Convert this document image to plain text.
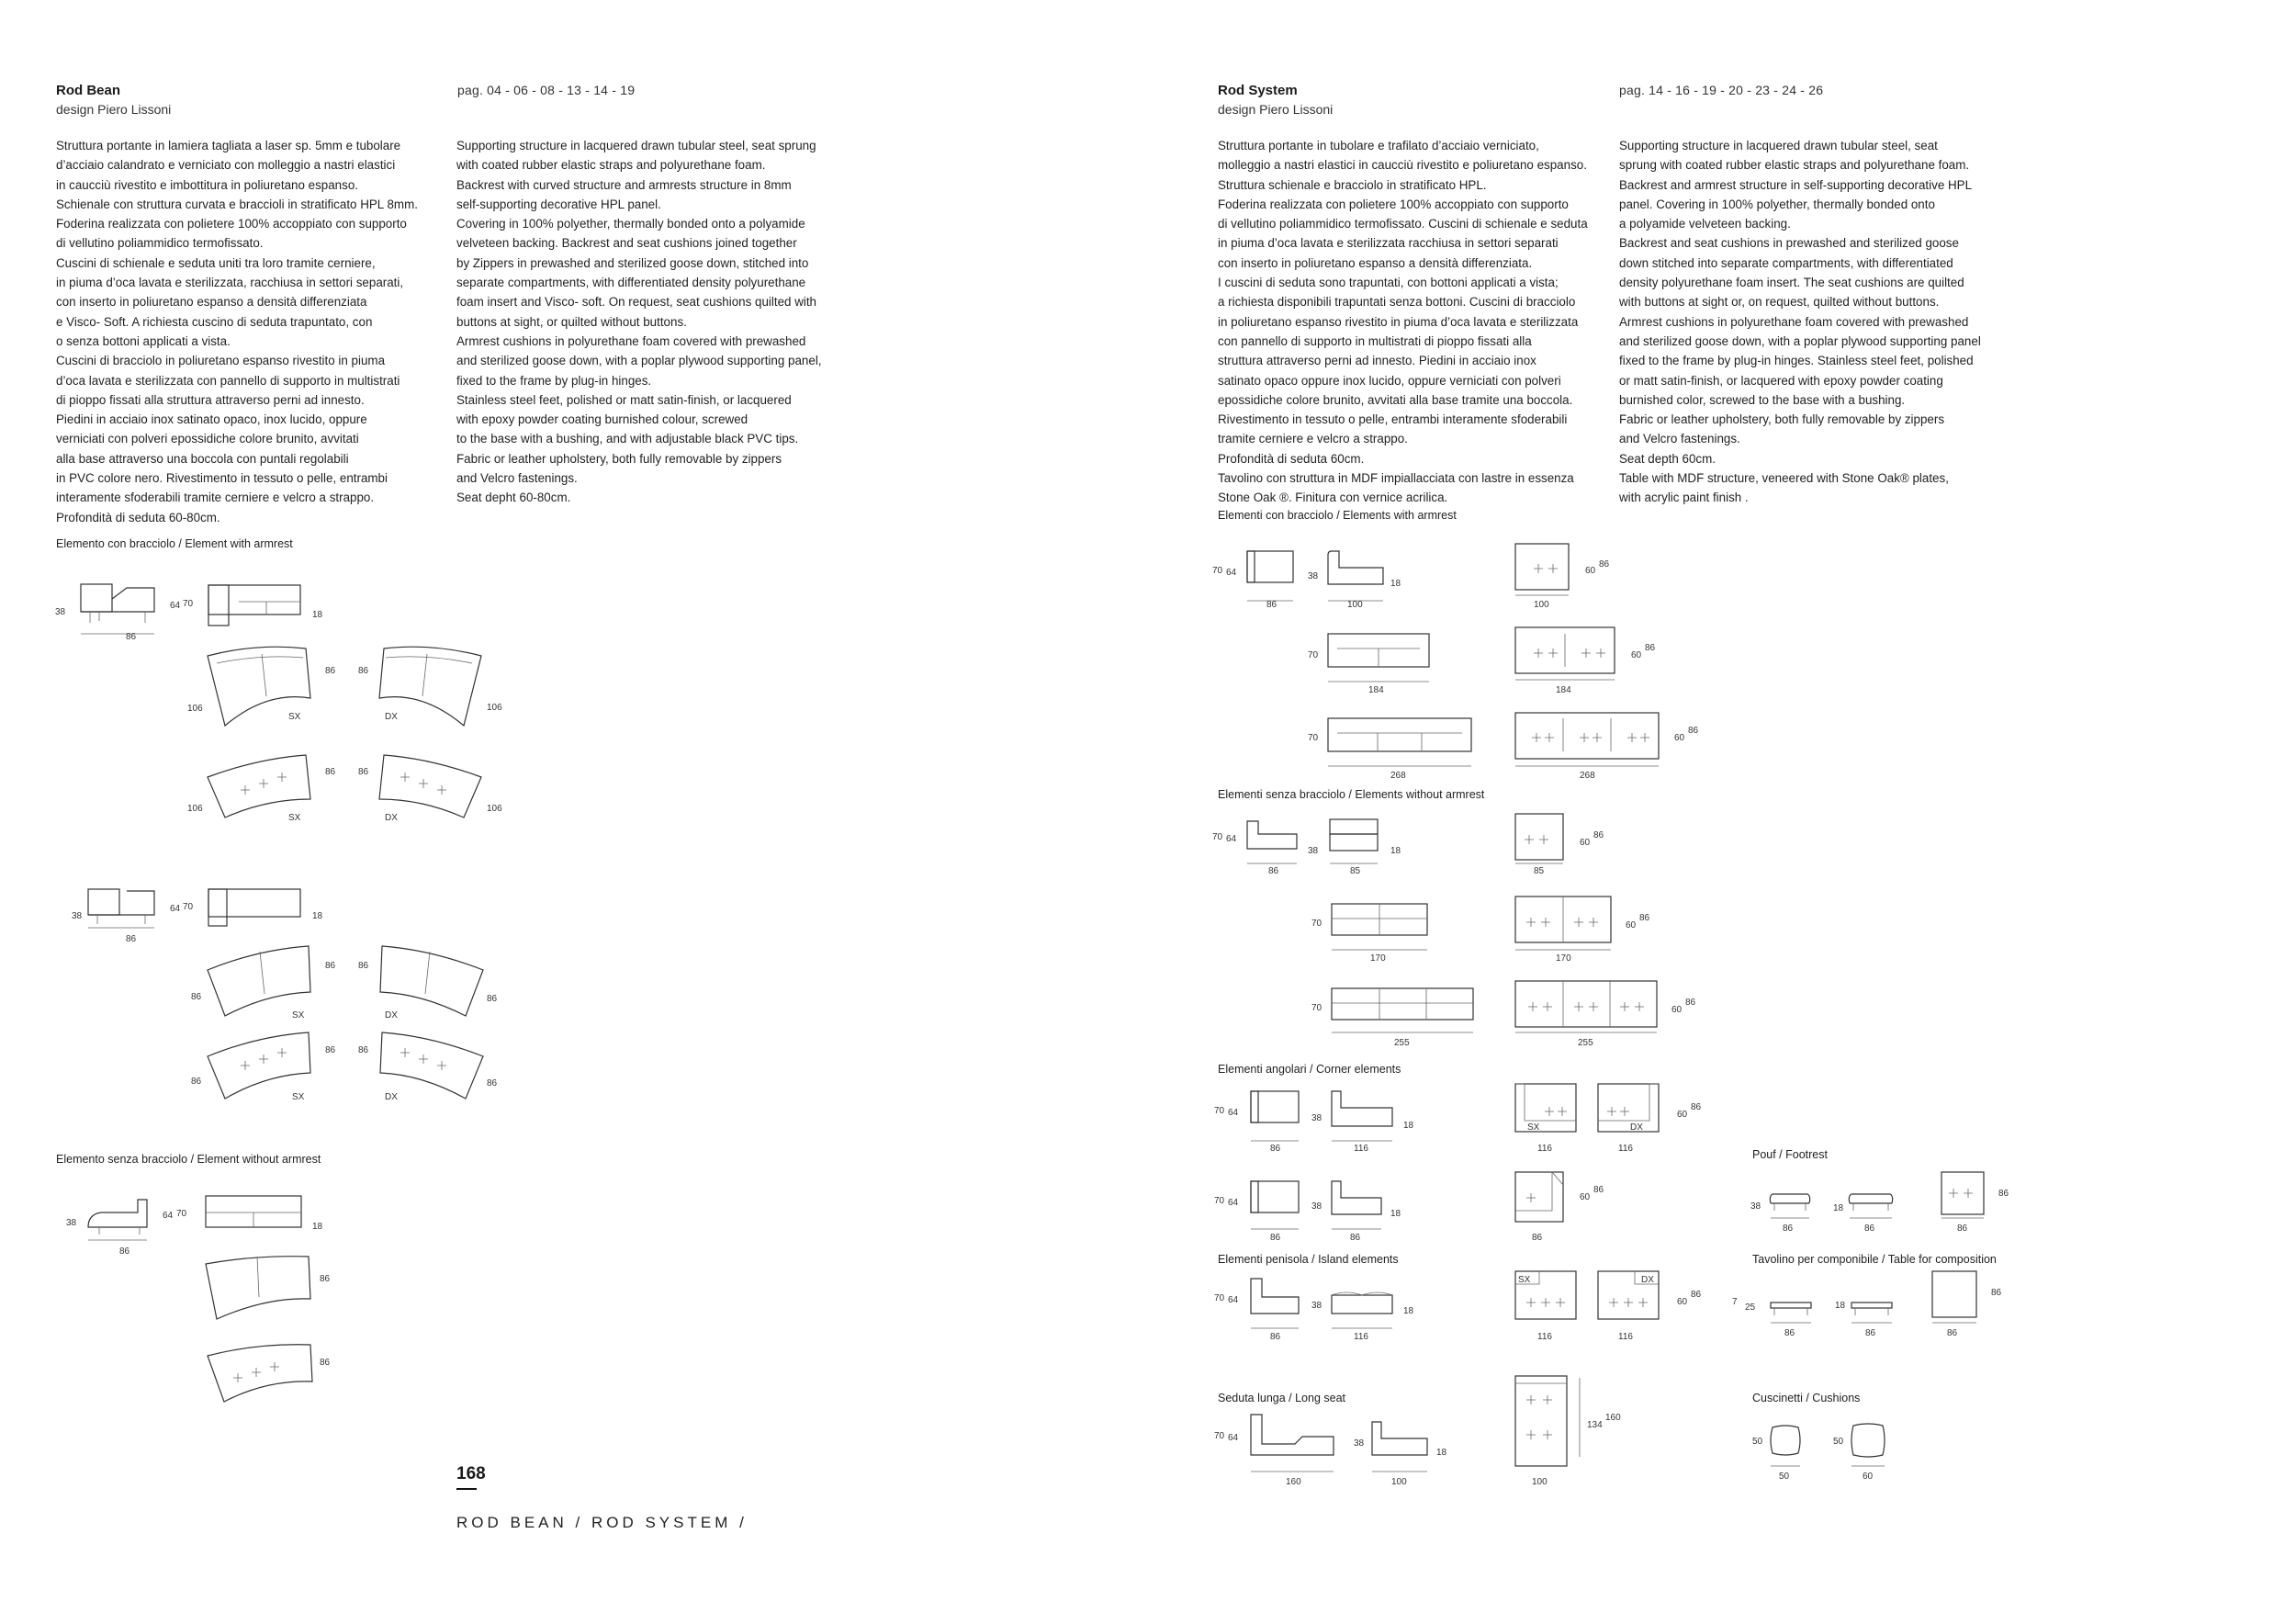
Rod Bean
design Piero Lissoni
pag. 04 - 06 - 08 - 13 - 14 - 19
Struttura portante in lamiera tagliata a laser sp. 5mm e tubolare
d’acciaio calandrato e verniciato con molleggio a nastri elastici
in caucciù rivestito e imbottitura in poliuretano espanso.
Schienale con struttura curvata e braccioli in stratificato HPL 8mm.
Foderina realizzata con polietere 100% accoppiato con supporto
di vellutino poliammidico termofissato.
Cuscini di schienale e seduta uniti tra loro tramite cerniere,
in piuma d’oca lavata e sterilizzata, racchiusa in settori separati,
con inserto in poliuretano espanso a densità differenziata
e Visco- Soft. A richiesta cuscino di seduta trapuntato, con
o senza bottoni applicati a vista.
Cuscini di bracciolo in poliuretano espanso rivestito in piuma
d’oca lavata e sterilizzata con pannello di supporto in multistrati
di pioppo fissati alla struttura attraverso perni ad innesto.
Piedini in acciaio inox satinato opaco, inox lucido, oppure
verniciati con polveri epossidiche colore brunito, avvitati
alla base attraverso una boccola con puntali regolabili
in PVC colore nero. Rivestimento in tessuto o pelle, entrambi
interamente sfoderabili tramite cerniere e velcro a strappo.
Profondità di seduta 60-80cm.
Supporting structure in lacquered drawn tubular steel, seat sprung
with coated rubber elastic straps and polyurethane foam.
Backrest with curved structure and armrests structure in 8mm
self-supporting decorative HPL panel.
Covering in 100% polyether, thermally bonded onto a polyamide
velveteen backing. Backrest and seat cushions joined together
by Zippers in prewashed and sterilized goose down, stitched into
separate compartments, with differentiated density polyurethane
foam insert and Visco- soft. On request, seat cushions quilted with
buttons at sight, or quilted without buttons.
Armrest cushions in polyurethane foam covered with prewashed
and sterilized goose down, with a poplar plywood supporting panel,
fixed to the frame by plug-in hinges.
Stainless steel feet, polished or matt satin-finish, or lacquered
with epoxy powder coating burnished colour, screwed
to the base with a bushing, and with adjustable black PVC tips.
Fabric or leather upholstery, both fully removable by zippers
and Velcro fastenings.
Seat depht 60-80cm.
Elemento con bracciolo / Element with armrest
Elemento senza bracciolo / Element without armrest
168
ROD BEAN / ROD SYSTEM /
Rod System
design Piero Lissoni
pag. 14 - 16 - 19 - 20 - 23 - 24 - 26
Struttura portante in tubolare e trafilato d’acciaio verniciato,
molleggio a nastri elastici in caucciù rivestito e poliuretano espanso.
Struttura schienale e bracciolo in stratificato HPL.
Foderina realizzata con polietere 100% accoppiato con supporto
di vellutino poliammidico termofissato. Cuscini di schienale e seduta
in piuma d’oca lavata e sterilizzata racchiusa in settori separati
con inserto in poliuretano espanso a densità differenziata.
I cuscini di seduta sono trapuntati, con bottoni applicati a vista;
a richiesta disponibili trapuntati senza bottoni. Cuscini di bracciolo
in poliuretano espanso rivestito in piuma d’oca lavata e sterilizzata
con pannello di supporto in multistrati di pioppo fissati alla
struttura attraverso perni ad innesto. Piedini in acciaio inox
satinato opaco oppure inox lucido, oppure verniciati con polveri
epossidiche colore brunito, avvitati alla base tramite una boccola.
Rivestimento in tessuto o pelle, entrambi interamente sfoderabili
tramite cerniere e velcro a strappo.
Profondità di seduta 60cm.
Tavolino con struttura in MDF impiallacciata con lastre in essenza
Stone Oak ®. Finitura con vernice acrilica.
Supporting structure in lacquered drawn tubular steel, seat
sprung with coated rubber elastic straps and polyurethane foam.
Backrest and armrest structure in self-supporting decorative HPL
panel. Covering in 100% polyether, thermally bonded onto
a polyamide velveteen backing.
Backrest and seat cushions in prewashed and sterilized goose
down stitched into separate compartments, with differentiated
density polyurethane foam insert. The seat cushions are quilted
with buttons at sight or, on request, quilted without buttons.
Armrest cushions in polyurethane foam covered with prewashed
and sterilized goose down, with a poplar plywood supporting panel
fixed to the frame by plug-in hinges. Stainless steel feet, polished
or matt satin-finish, or lacquered with epoxy powder coating
burnished color, screwed to the base with a bushing.
Fabric or leather upholstery, both fully removable by zippers
and Velcro fastenings.
Seat depth 60cm.
Table with MDF structure, veneered with Stone Oak® plates,
with acrylic paint finish .
Elementi con bracciolo / Elements with armrest
Elementi senza bracciolo / Elements without armrest
Elementi angolari / Corner elements
Elementi penisola / Island elements
Seduta lunga / Long seat
Pouf / Footrest
Tavolino per componibile / Table for composition
Cuscinetti / Cushions
38
86
64 70
18
86
106
SX
86
106
DX
86
106
SX
86
106
DX
38
86
64 70
18
86
86
SX
86
86
DX
86
86
SX
86
86
DX
38
86
64 70
18
86
86
70 64
86
38
18
100
60
86
100
70
184
60
86
184
70
268
60
86
268
70 64
86
38	18
85
60
86
85
70
170
60
86
170
70
255
60
86
255
70 64
86
38
18
116
SX
116
DX
116
60
86
70 64
86
38
18
86
60
86
86
70 64
86
38
18
116
SX
116
DX
116
60
86
70 64
160
38
18
100
134
160
100
38
86
18
86
86
86
7
25
86
18
86
86
86
50
50
50
60
